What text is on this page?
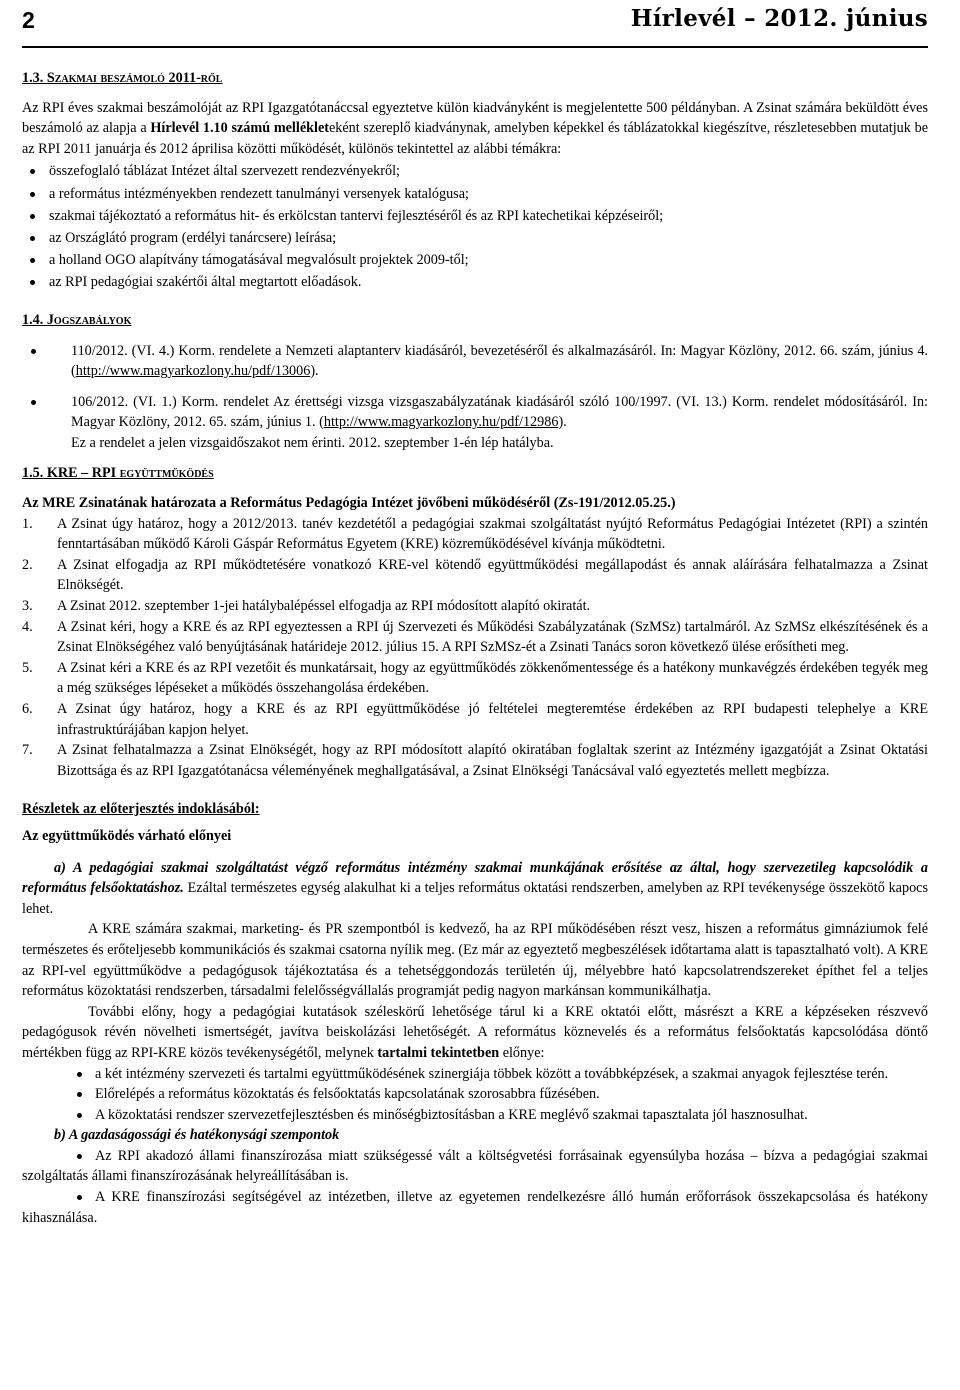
2	Hírlevél – 2012. június
1.3. Szakmai beszámoló 2011-ről

Az RPI éves szakmai beszámolóját az RPI Igazgatótanáccsal egyeztetve külön kiadványként is megjelentette 500 példányban. A Zsinat számára beküldött éves beszámoló az alapja a Hírlevél 1.10 számú mellékleteként szereplő kiadványnak, amelyben képekkel és táblázatokkal kiegészítve, részletesebben mutatjuk be az RPI 2011 januárja és 2012 áprilisa közötti működését, különös tekintettel az alábbi témákra:

összefoglaló táblázat Intézet által szervezett rendezvényekről;
a református intézményekben rendezett tanulmányi versenyek katalógusa;
szakmai tájékoztató a református hit- és erkölcstan tantervi fejlesztéséről és az RPI katechetikai képzéseiről;
az Országlátó program (erdélyi tanárcsere) leírása;
a holland OGO alapítvány támogatásával megvalósult projektek 2009-től;
az RPI pedagógiai szakértői által megtartott előadások.
1.4. Jogszabályok
110/2012. (VI. 4.) Korm. rendelete a Nemzeti alaptanterv kiadásáról, bevezetéséről és alkalmazásáról. In: Magyar Közlöny, 2012. 66. szám, június 4. (http://www.magyarkozlony.hu/pdf/13006).
106/2012. (VI. 1.) Korm. rendelet Az érettségi vizsga vizsgaszabályzatának kiadásáról szóló 100/1997. (VI. 13.) Korm. rendelet módosításáról. In: Magyar Közlöny, 2012. 65. szám, június 1. (http://www.magyarkozlony.hu/pdf/12986).
Ez a rendelet a jelen vizsgaidőszakot nem érinti. 2012. szeptember 1-én lép hatályba.
1.5. KRE – RPI együttműködés

Az MRE Zsinatának határozata a Református Pedagógia Intézet jövőbeni működéséről (Zs-191/2012.05.25.)

1. A Zsinat úgy határoz, hogy a 2012/2013. tanév kezdetétől a pedagógiai szakmai szolgáltatást nyújtó Református Pedagógiai Intézetet (RPI) a szintén fenntartásában működő Károli Gáspár Református Egyetem (KRE) közreműködésével kívánja működtetni.
2. A Zsinat elfogadja az RPI működtetésére vonatkozó KRE-vel kötendő együttműködési megállapodást és annak aláírására felhatalmazza a Zsinat Elnökségét.
3. A Zsinat 2012. szeptember 1-jei hatálybalépéssel elfogadja az RPI módosított alapító okiratát.
4. A Zsinat kéri, hogy a KRE és az RPI egyeztessen a RPI új Szervezeti és Működési Szabályzatának (SzMSz) tartalmáról. Az SzMSz elkészítésének és a Zsinat Elnökségéhez való benyújtásának határideje 2012. július 15. A RPI SzMSz-ét a Zsinati Tanács soron következő ülése erősítheti meg.
5. A Zsinat kéri a KRE és az RPI vezetőit és munkatársait, hogy az együttműködés zökkenőmentessége és a hatékony munkavégzés érdekében tegyék meg a még szükséges lépéseket a működés összehangolása érdekében.
6. A Zsinat úgy határoz, hogy a KRE és az RPI együttműködése jó feltételei megteremtése érdekében az RPI budapesti telephelye a KRE infrastruktúrájában kapjon helyet.
7. A Zsinat felhatalmazza a Zsinat Elnökségét, hogy az RPI módosított alapító okiratában foglaltak szerint az Intézmény igazgatóját a Zsinat Oktatási Bizottsága és az RPI Igazgatótanácsa véleményének meghallgatásával, a Zsinat Elnökségi Tanácsával való egyeztetés mellett megbízza.

Részletek az előterjesztés indoklásából:

Az együttműködés várható előnyei

a) A pedagógiai szakmai szolgáltatást végző református intézmény szakmai munkájának erősítése az által, hogy szervezetileg kapcsolódik a református felsőoktatáshoz. Ezáltal természetes egység alakulhat ki a teljes református oktatási rendszerben, amelyben az RPI tevékenysége összekötő kapocs lehet.

A KRE számára szakmai, marketing- és PR szempontból is kedvező, ha az RPI működésében részt vesz, hiszen a református gimnáziumok felé természetes és erőteljesebb kommunikációs és szakmai csatorna nyílik meg. (Ez már az egyeztető megbeszélések időtartama alatt is tapasztalható volt). A KRE az RPI-vel együttműködve a pedagógusok tájékoztatása és a tehetséggondozás területén új, mélyebbre ható kapcsolatrendszereket építhet fel a teljes református közoktatási rendszerben, társadalmi felelősségvállalás programját pedig nagyon markánsan kommunikálhatja.

További előny, hogy a pedagógiai kutatások széleskörű lehetősége tárul ki a KRE oktatói előtt, másrészt a KRE a képzéseken részvevő pedagógusok révén növelheti ismertségét, javítva beiskolázási lehetőségét. A református köznevelés és a református felsőoktatás kapcsolódása döntő mértékben függ az RPI-KRE közös tevékenységétől, melynek tartalmi tekintetben előnye:

a két intézmény szervezeti és tartalmi együttműködésének szinergiája többek között a továbbképzések, a szakmai anyagok fejlesztése terén.
Előrelépés a református közoktatás és felsőoktatás kapcsolatának szorosabbra fűzésében.
A közoktatási rendszer szervezetfejlesztésben és minőségbiztosításban a KRE meglévő szakmai tapasztalata jól hasznosulhat.

b) A gazdaságossági és hatékonysági szempontok

Az RPI akadozó állami finanszírozása miatt szükségessé vált a költségvetési forrásainak egyensúlyba hozása – bízva a pedagógiai szakmai szolgáltatás állami finanszírozásának helyreállításában is.
A KRE finanszírozási segítségével az intézetben, illetve az egyetemen rendelkezésre álló humán erőforrások összekapcsolása és hatékony kihasználása.
